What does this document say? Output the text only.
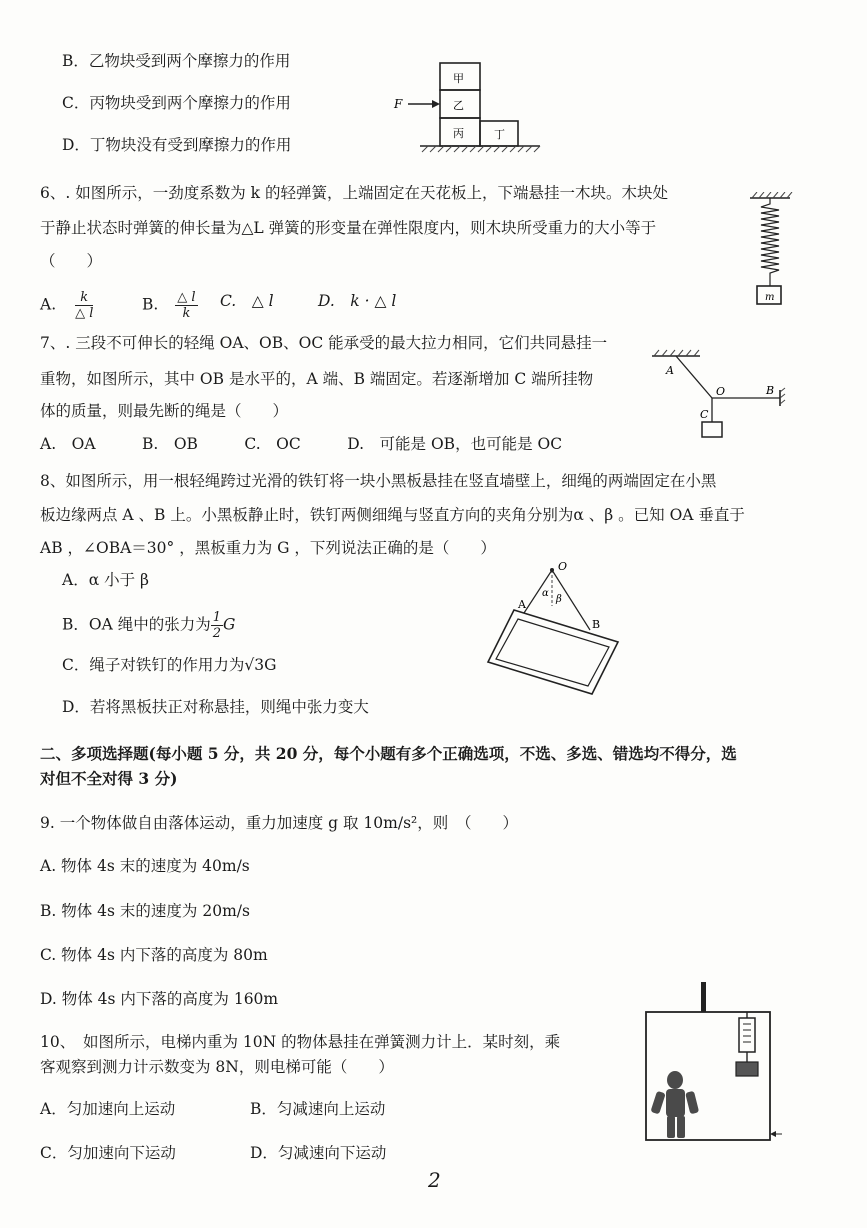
B．乙物块受到两个摩擦力的作用
C．丙物块受到两个摩擦力的作用
D．丁物块没有受到摩擦力的作用
F
甲
乙
丙	丁
6、. 如图所示，一劲度系数为 k 的轻弹簧，上端固定在天花板上，下端悬挂一木块。木块处
于静止状态时弹簧的伸长量为△L 弹簧的形变量在弹性限度内，则木块所受重力的大小等于
（　　）
A. $\frac{k}{\triangle l}$	B. $\frac{\triangle l}{k} C$.　△ l	D.　k · △ l	m
7、. 三段不可伸长的轻绳 OA、OB、OC 能承受的最大拉力相同，它们共同悬挂一
重物，如图所示，其中 OB 是水平的，A 端、B 端固定。若逐渐增加 C 端所挂物
体的质量，则最先断的绳是（　　）
A.　OA　　　B.　OB　　　C.　OC　　　D.　可能是 OB，也可能是 OC
A
O	B
C
8、如图所示，用一根轻绳跨过光滑的铁钉将一块小黑板悬挂在竖直墙壁上，细绳的两端固定在小黑
板边缘两点 A 、B 上。小黑板静止时，铁钉两侧细绳与竖直方向的夹角分别为α 、β 。已知 OA 垂直于
AB ，∠OBA＝30° ，黑板重力为 G ，下列说法正确的是（　　）
A．α 小于 β
B．OA 绳中的张力为 $\frac{1}{2}$ G
C．绳子对铁钉的作用力为√3G
D．若将黑板扶正对称悬挂，则绳中张力变大
O
A
B
α
β
二、多项选择题(每小题 5 分，共 20 分，每个小题有多个正确选项，不选、多选、错选均不得分，选
对但不全对得 3 分)
9. 一个物体做自由落体运动，重力加速度 g 取 10m/s²，则　（　　）
A. 物体 4s 末的速度为 40m/s
B. 物体 4s 末的速度为 20m/s
C. 物体 4s 内下落的高度为 80m
D. 物体 4s 内下落的高度为 160m
10、　如图所示，电梯内重为 10N 的物体悬挂在弹簧测力计上．某时刻，乘
客观察到测力计示数变为 8N，则电梯可能（　　）
A．匀加速向上运动	B．匀减速向上运动
C．匀加速向下运动	D．匀减速向下运动
2
